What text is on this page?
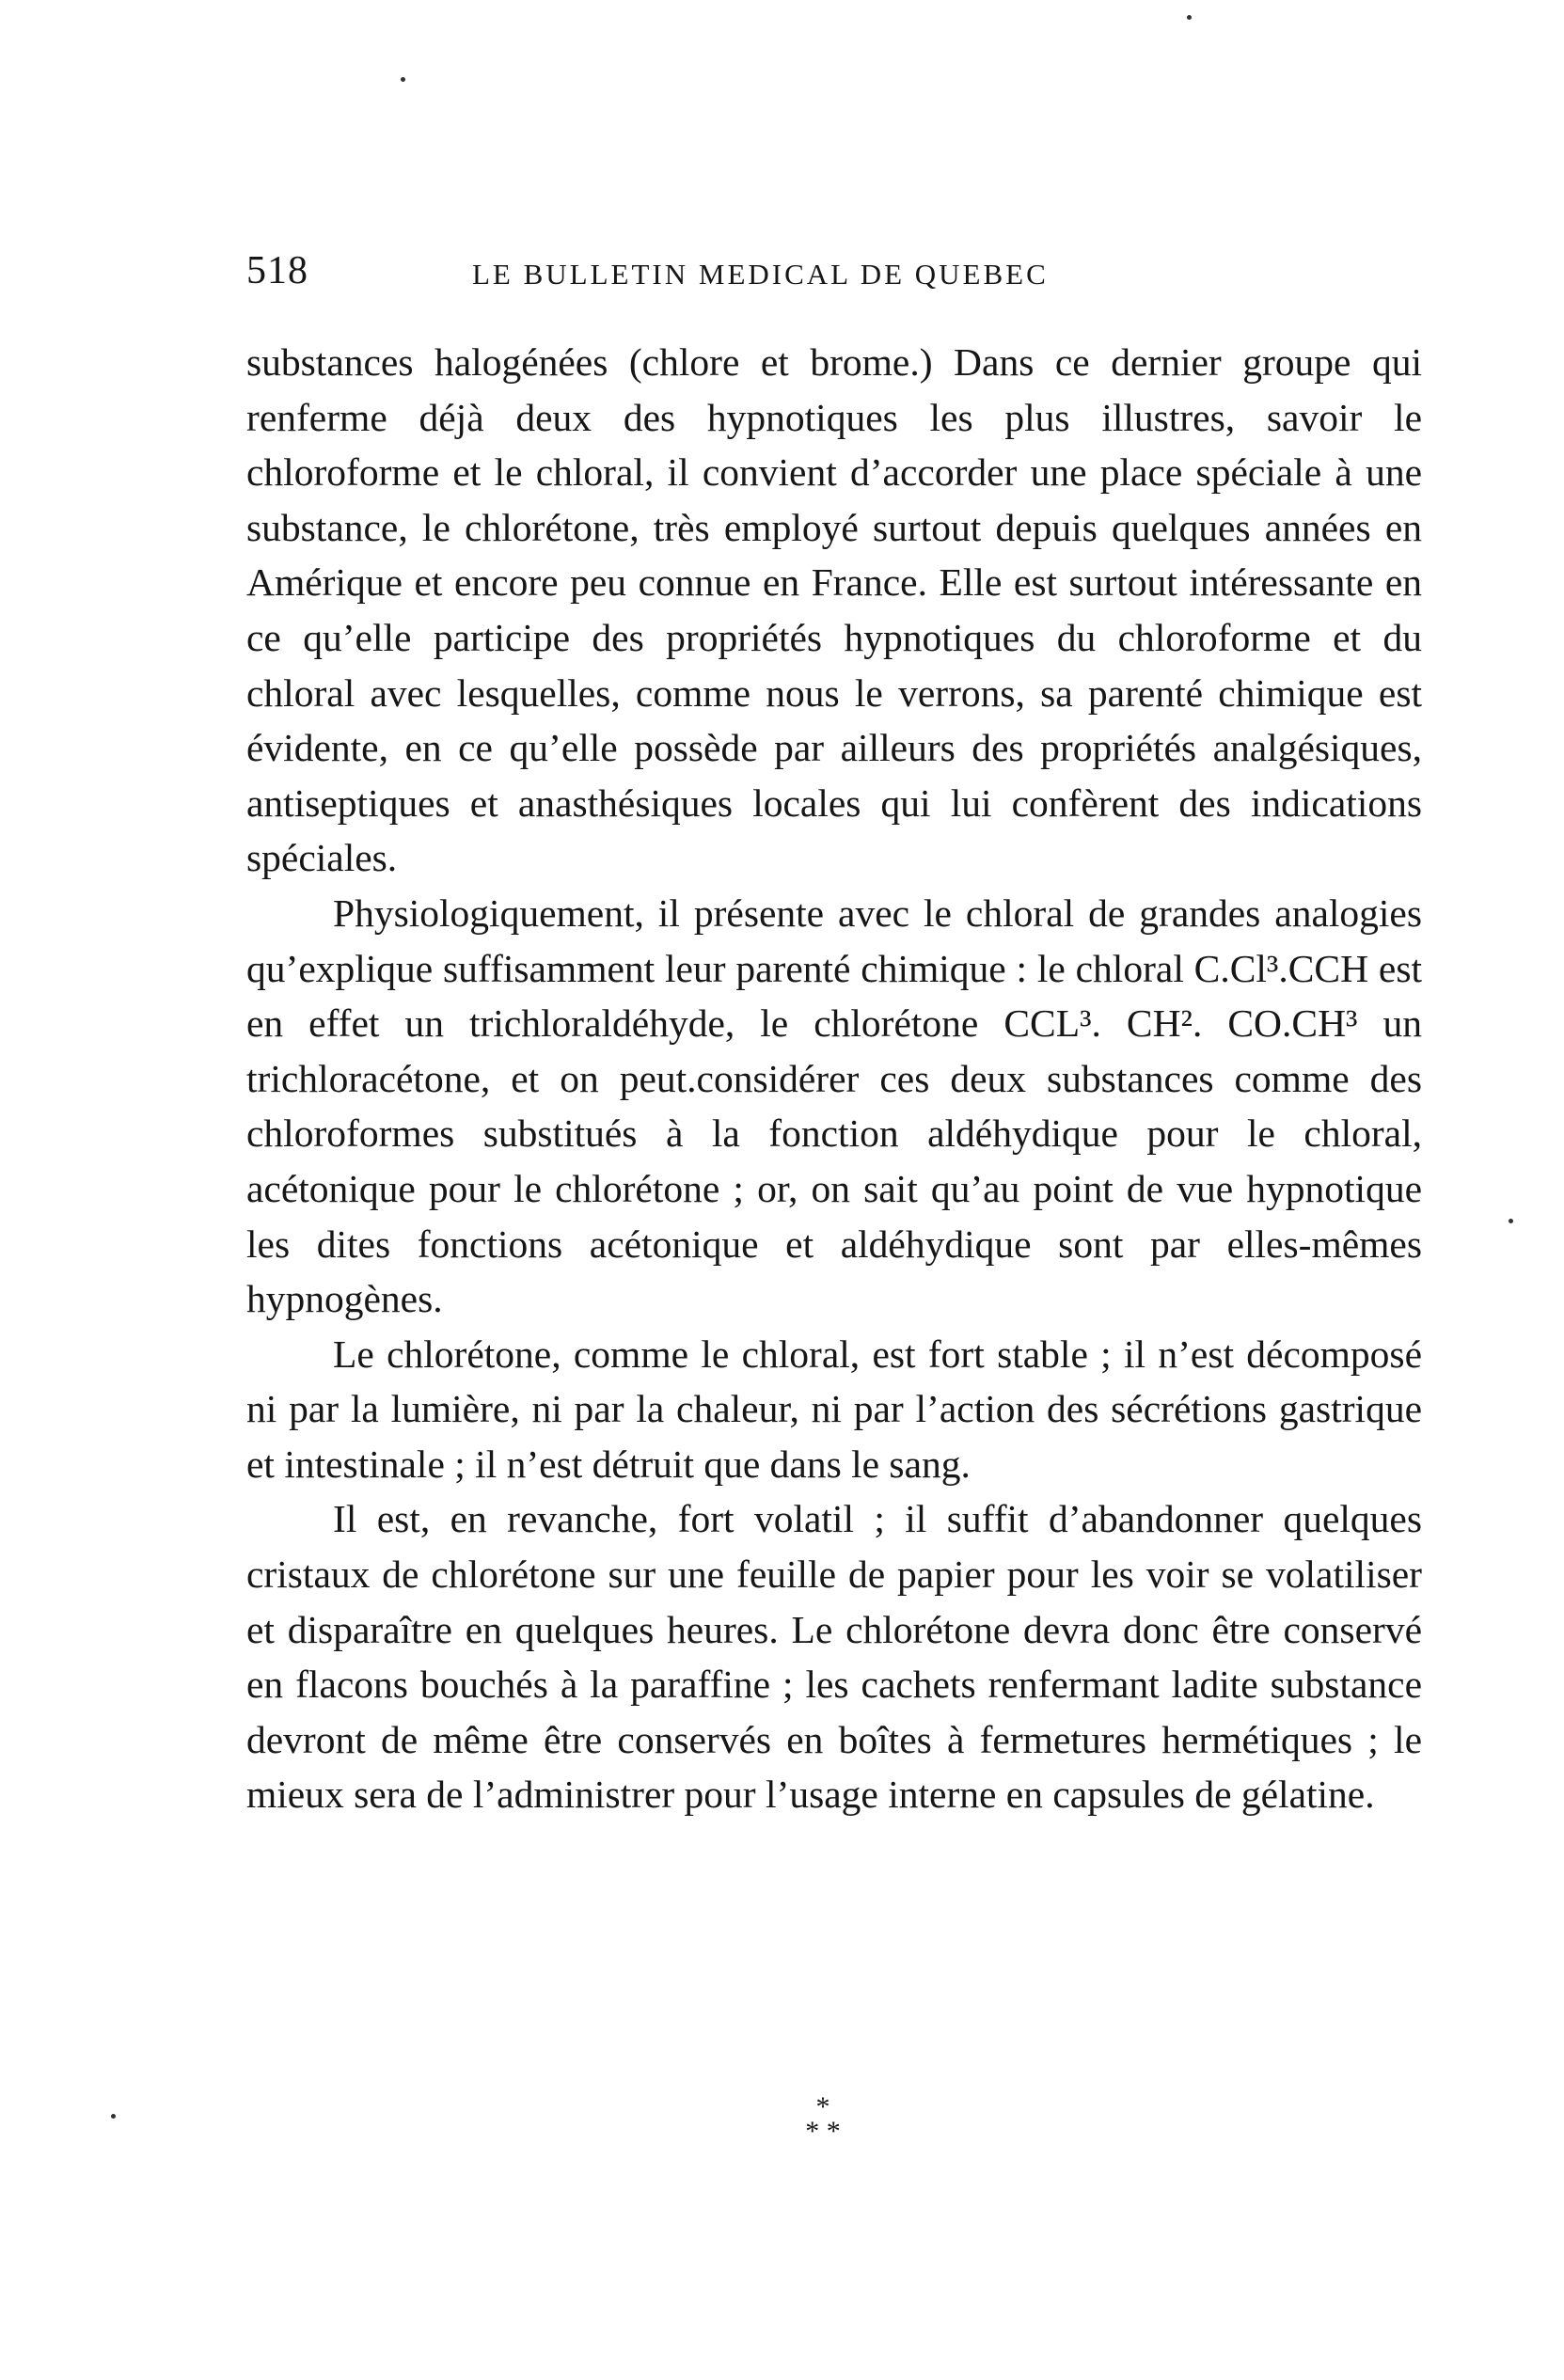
518	LE BULLETIN MEDICAL DE QUEBEC

substances halogénées (chlore et brome.) Dans ce dernier groupe qui renferme déjà deux des hypnotiques les plus illustres, savoir le chloroforme et le chloral, il convient d’accorder une place spéciale à une substance, le chlorétone, très employé surtout depuis quelques années en Amérique et encore peu connue en France. Elle est surtout intéressante en ce qu’elle participe des propriétés hypnotiques du chloroforme et du chloral avec lesquelles, comme nous le verrons, sa parenté chimique est évidente, en ce qu’elle possède par ailleurs des propriétés analgésiques, antiseptiques et anasthésiques locales qui lui confèrent des indications spéciales.

Physiologiquement, il présente avec le chloral de grandes analogies qu’explique suffisamment leur parenté chimique : le chloral C.Cl³.CCH est en effet un trichloraldéhyde, le chlorétone CCL³. CH². CO.CH³ un trichloracétone, et on peut.considérer ces deux substances comme des chloroformes substitués à la fonction aldéhydique pour le chloral, acétonique pour le chlorétone ; or, on sait qu’au point de vue hypnotique les dites fonctions acétonique et aldéhydique sont par elles-mêmes hypnogènes.

Le chlorétone, comme le chloral, est fort stable ; il n’est décomposé ni par la lumière, ni par la chaleur, ni par l’action des sécrétions gastrique et intestinale ; il n’est détruit que dans le sang.

Il est, en revanche, fort volatil ; il suffit d’abandonner quelques cristaux de chlorétone sur une feuille de papier pour les voir se volatiliser et disparaître en quelques heures. Le chlorétone devra donc être conservé en flacons bouchés à la paraffine ; les cachets renfermant ladite substance devront de même être conservés en boîtes à fermetures hermétiques ; le mieux sera de l’administrer pour l’usage interne en capsules de gélatine.

*
* *
